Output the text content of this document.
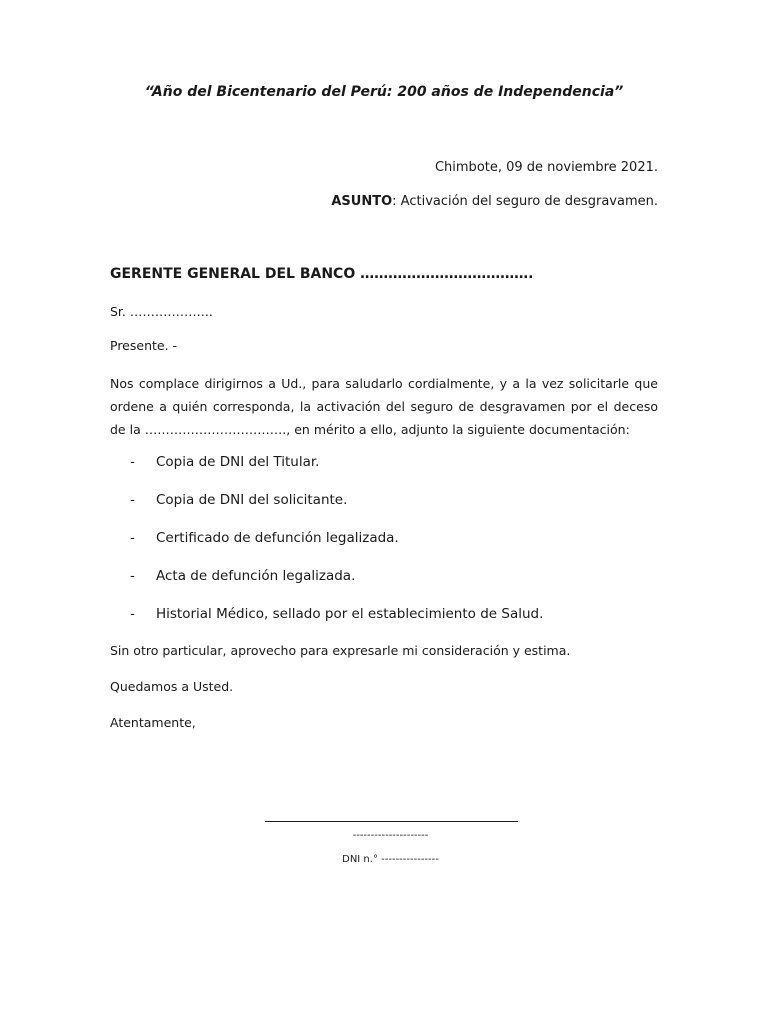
“Año del Bicentenario del Perú: 200 años de Independencia”
Chimbote, 09 de noviembre 2021.
ASUNTO: Activación del seguro de desgravamen.
GERENTE GENERAL DEL BANCO ……………………………….
Sr. ………………..
Presente. -
Nos complace dirigirnos a Ud., para saludarlo cordialmente, y a la vez solicitarle que
ordene a quién corresponda, la activación del seguro de desgravamen por el deceso
de la ……………………………., en mérito a ello, adjunto la siguiente documentación:
-	Copia de DNI del Titular.
-	Copia de DNI del solicitante.
-	Certificado de defunción legalizada.
-	Acta de defunción legalizada.
-	Historial Médico, sellado por el establecimiento de Salud.
Sin otro particular, aprovecho para expresarle mi consideración y estima.
Quedamos a Usted.
Atentamente,
---------------------
DNI n.° ----------------
